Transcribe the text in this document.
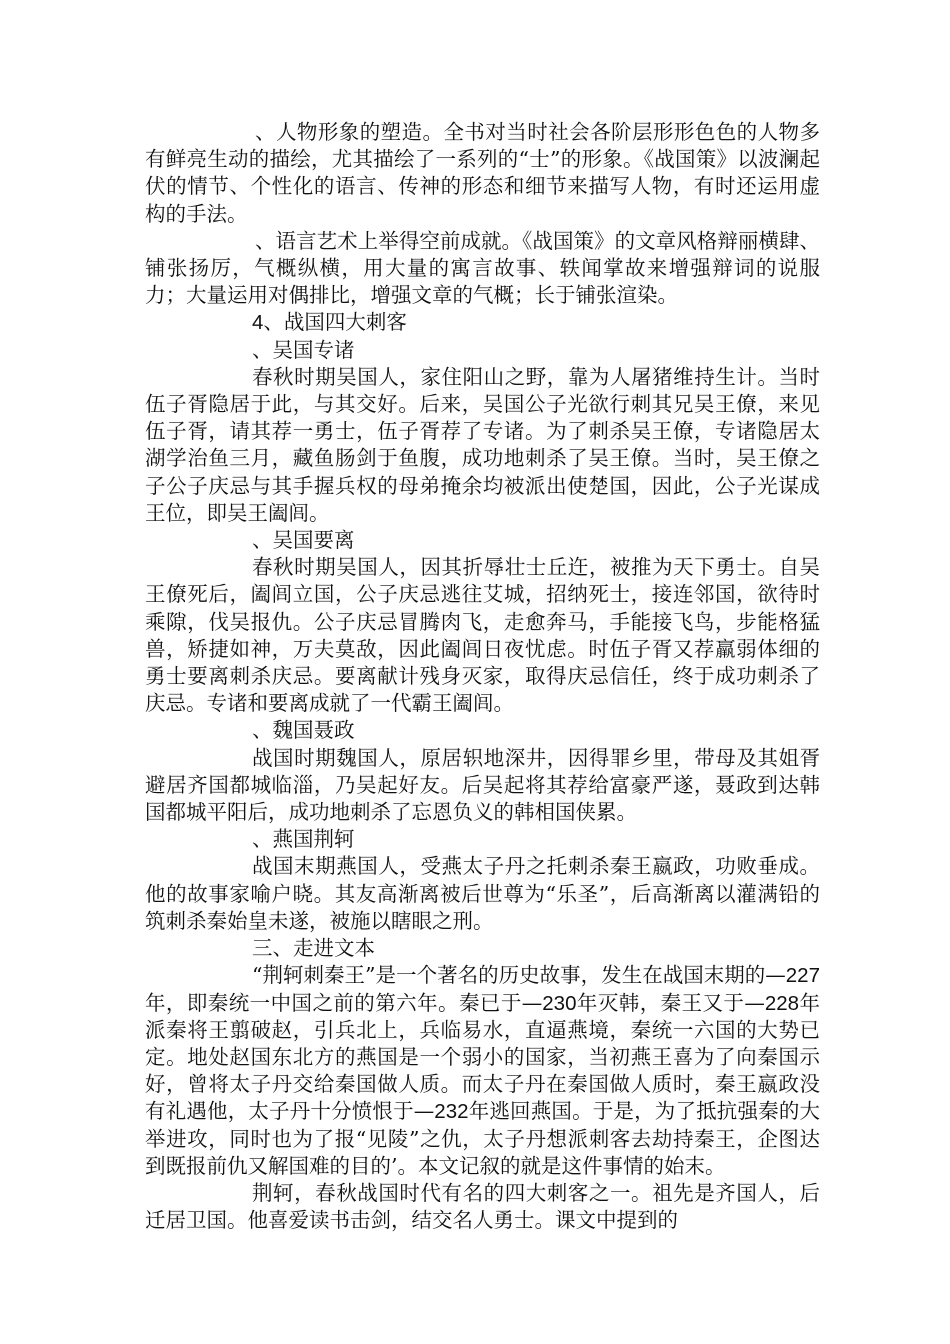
、人物形象的塑造。全书对当时社会各阶层形形色色的人物多有鲜亮生动的描绘，尤其描绘了一系列的“士”的形象。《战国策》以波澜起伏的情节、个性化的语言、传神的形态和细节来描写人物，有时还运用虚构的手法。

、语言艺术上举得空前成就。《战国策》的文章风格辩丽横肆、铺张扬厉，气概纵横，用大量的寓言故事、轶闻掌故来增强辩词的说服力；大量运用对偶排比，增强文章的气概；长于铺张渲染。

4、战国四大刺客

、吴国专诸

春秋时期吴国人，家住阳山之野，靠为人屠猪维持生计。当时伍子胥隐居于此，与其交好。后来，吴国公子光欲行刺其兄吴王僚，来见伍子胥，请其荐一勇士，伍子胥荐了专诸。为了刺杀吴王僚，专诸隐居太湖学治鱼三月，藏鱼肠剑于鱼腹，成功地刺杀了吴王僚。当时，吴王僚之子公子庆忌与其手握兵权的母弟掩余均被派出使楚国，因此，公子光谋成王位，即吴王阖闾。

、吴国要离

春秋时期吴国人，因其折辱壮士丘迕，被推为天下勇士。自吴王僚死后，阖闾立国，公子庆忌逃往艾城，招纳死士，接连邻国，欲待时乘隙，伐吴报仇。公子庆忌冒腾肉飞，走愈奔马，手能接飞鸟，步能格猛兽，矫捷如神，万夫莫敌，因此阖闾日夜忧虑。时伍子胥又荐羸弱体细的勇士要离刺杀庆忌。要离献计残身灭家，取得庆忌信任，终于成功刺杀了庆忌。专诸和要离成就了一代霸王阖闾。

、魏国聂政

战国时期魏国人，原居轵地深井，因得罪乡里，带母及其姐胥避居齐国都城临淄，乃吴起好友。后吴起将其荐给富豪严遂，聂政到达韩国都城平阳后，成功地刺杀了忘恩负义的韩相国侠累。

、燕国荆轲

战国末期燕国人，受燕太子丹之托刺杀秦王嬴政，功败垂成。他的故事家喻户晓。其友高渐离被后世尊为“乐圣”，后高渐离以灌满铅的筑刺杀秦始皇未遂，被施以瞎眼之刑。

三、走进文本

“荆轲刺秦王”是一个著名的历史故事，发生在战国末期的—227年，即秦统一中国之前的第六年。秦已于—230年灭韩，秦王又于—228年派秦将王翦破赵，引兵北上，兵临易水，直逼燕境，秦统一六国的大势已定。地处赵国东北方的燕国是一个弱小的国家，当初燕王喜为了向秦国示好，曾将太子丹交给秦国做人质。而太子丹在秦国做人质时，秦王嬴政没有礼遇他，太子丹十分愤恨于—232年逃回燕国。于是，为了抵抗强秦的大举进攻，同时也为了报“见陵”之仇，太子丹想派刺客去劫持秦王，企图达到既报前仇又解国难的目的’。本文记叙的就是这件事情的始末。

荆轲，春秋战国时代有名的四大刺客之一。祖先是齐国人，后迁居卫国。他喜爱读书击剑，结交名人勇士。课文中提到的
